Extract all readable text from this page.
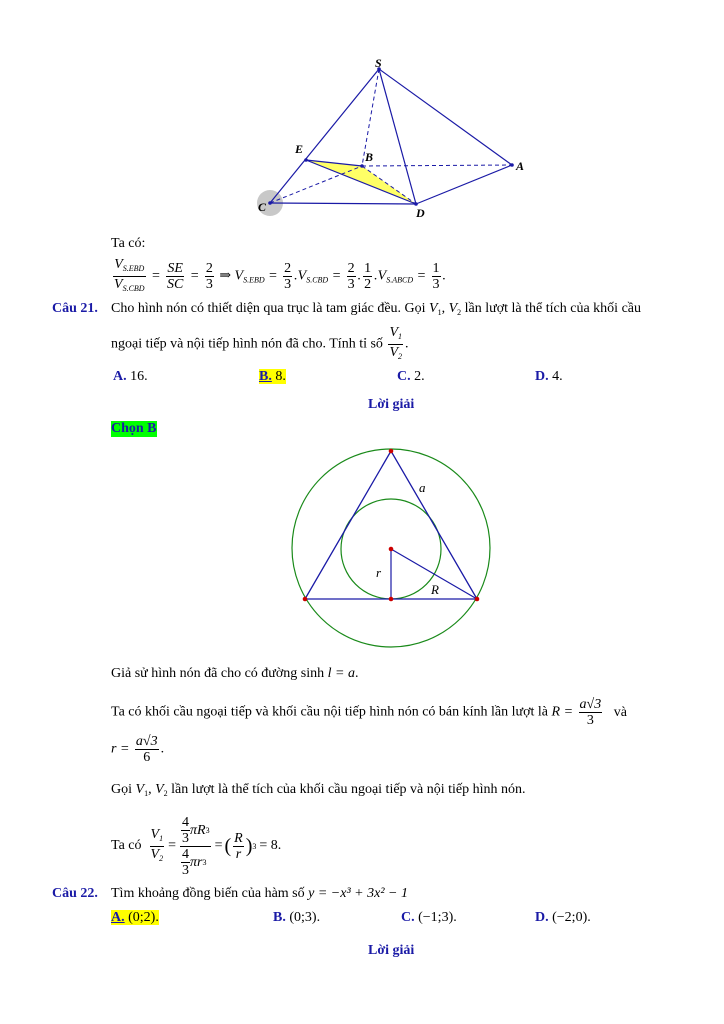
S
E
B
A
C	D
Ta có:
$\frac{V_{S.EBD}}{V_{S.CBD}} = \frac{SE}{SC} = \frac{2}{3}$ ⇒ $V_{S.EBD} = \frac{2}{3} .V_{S.CBD} = \frac{2}{3}$ . $\frac{1}{2} .V_{S.ABCD} = \frac{1}{3}$ .
Câu 21. Cho hình nón có thiết diện qua trục là tam giác đều. Gọi $V_1$, $V_2$ lần lượt là thể tích của khối cầu
ngoại tiếp và nội tiếp hình nón đã cho. Tính tỉ số $\frac{V_1}{V_2}$ .
A. 16.	B. 8.	C. 2.	D. 4.
Lời giải
Chọn B
a
r
R
Giả sử hình nón đã cho có đường sinh l = a.
Ta có khối cầu ngoại tiếp và khối cầu nội tiếp hình nón có bán kính lần lượt là $R = \frac{a√3}{3}$ và
$r = \frac{a√3}{6}$ .
Gọi $V_1$, $V_2$ lần lượt là thể tích của khối cầu ngoại tiếp và nội tiếp hình nón.
Ta có $\frac{V_1}{V_2} = \frac{\frac{4}{3} \pi R 3}{\frac{4}{3} \pi r 3}$ = ( $\frac{R}{r}$ ) 3 = 8 .
Câu 22. Tìm khoảng đồng biến của hàm số y = −x³ + 3x² − 1
A. (0;2).	B. (0;3).	C. (−1;3).	D. (−2;0).
Lời giải
